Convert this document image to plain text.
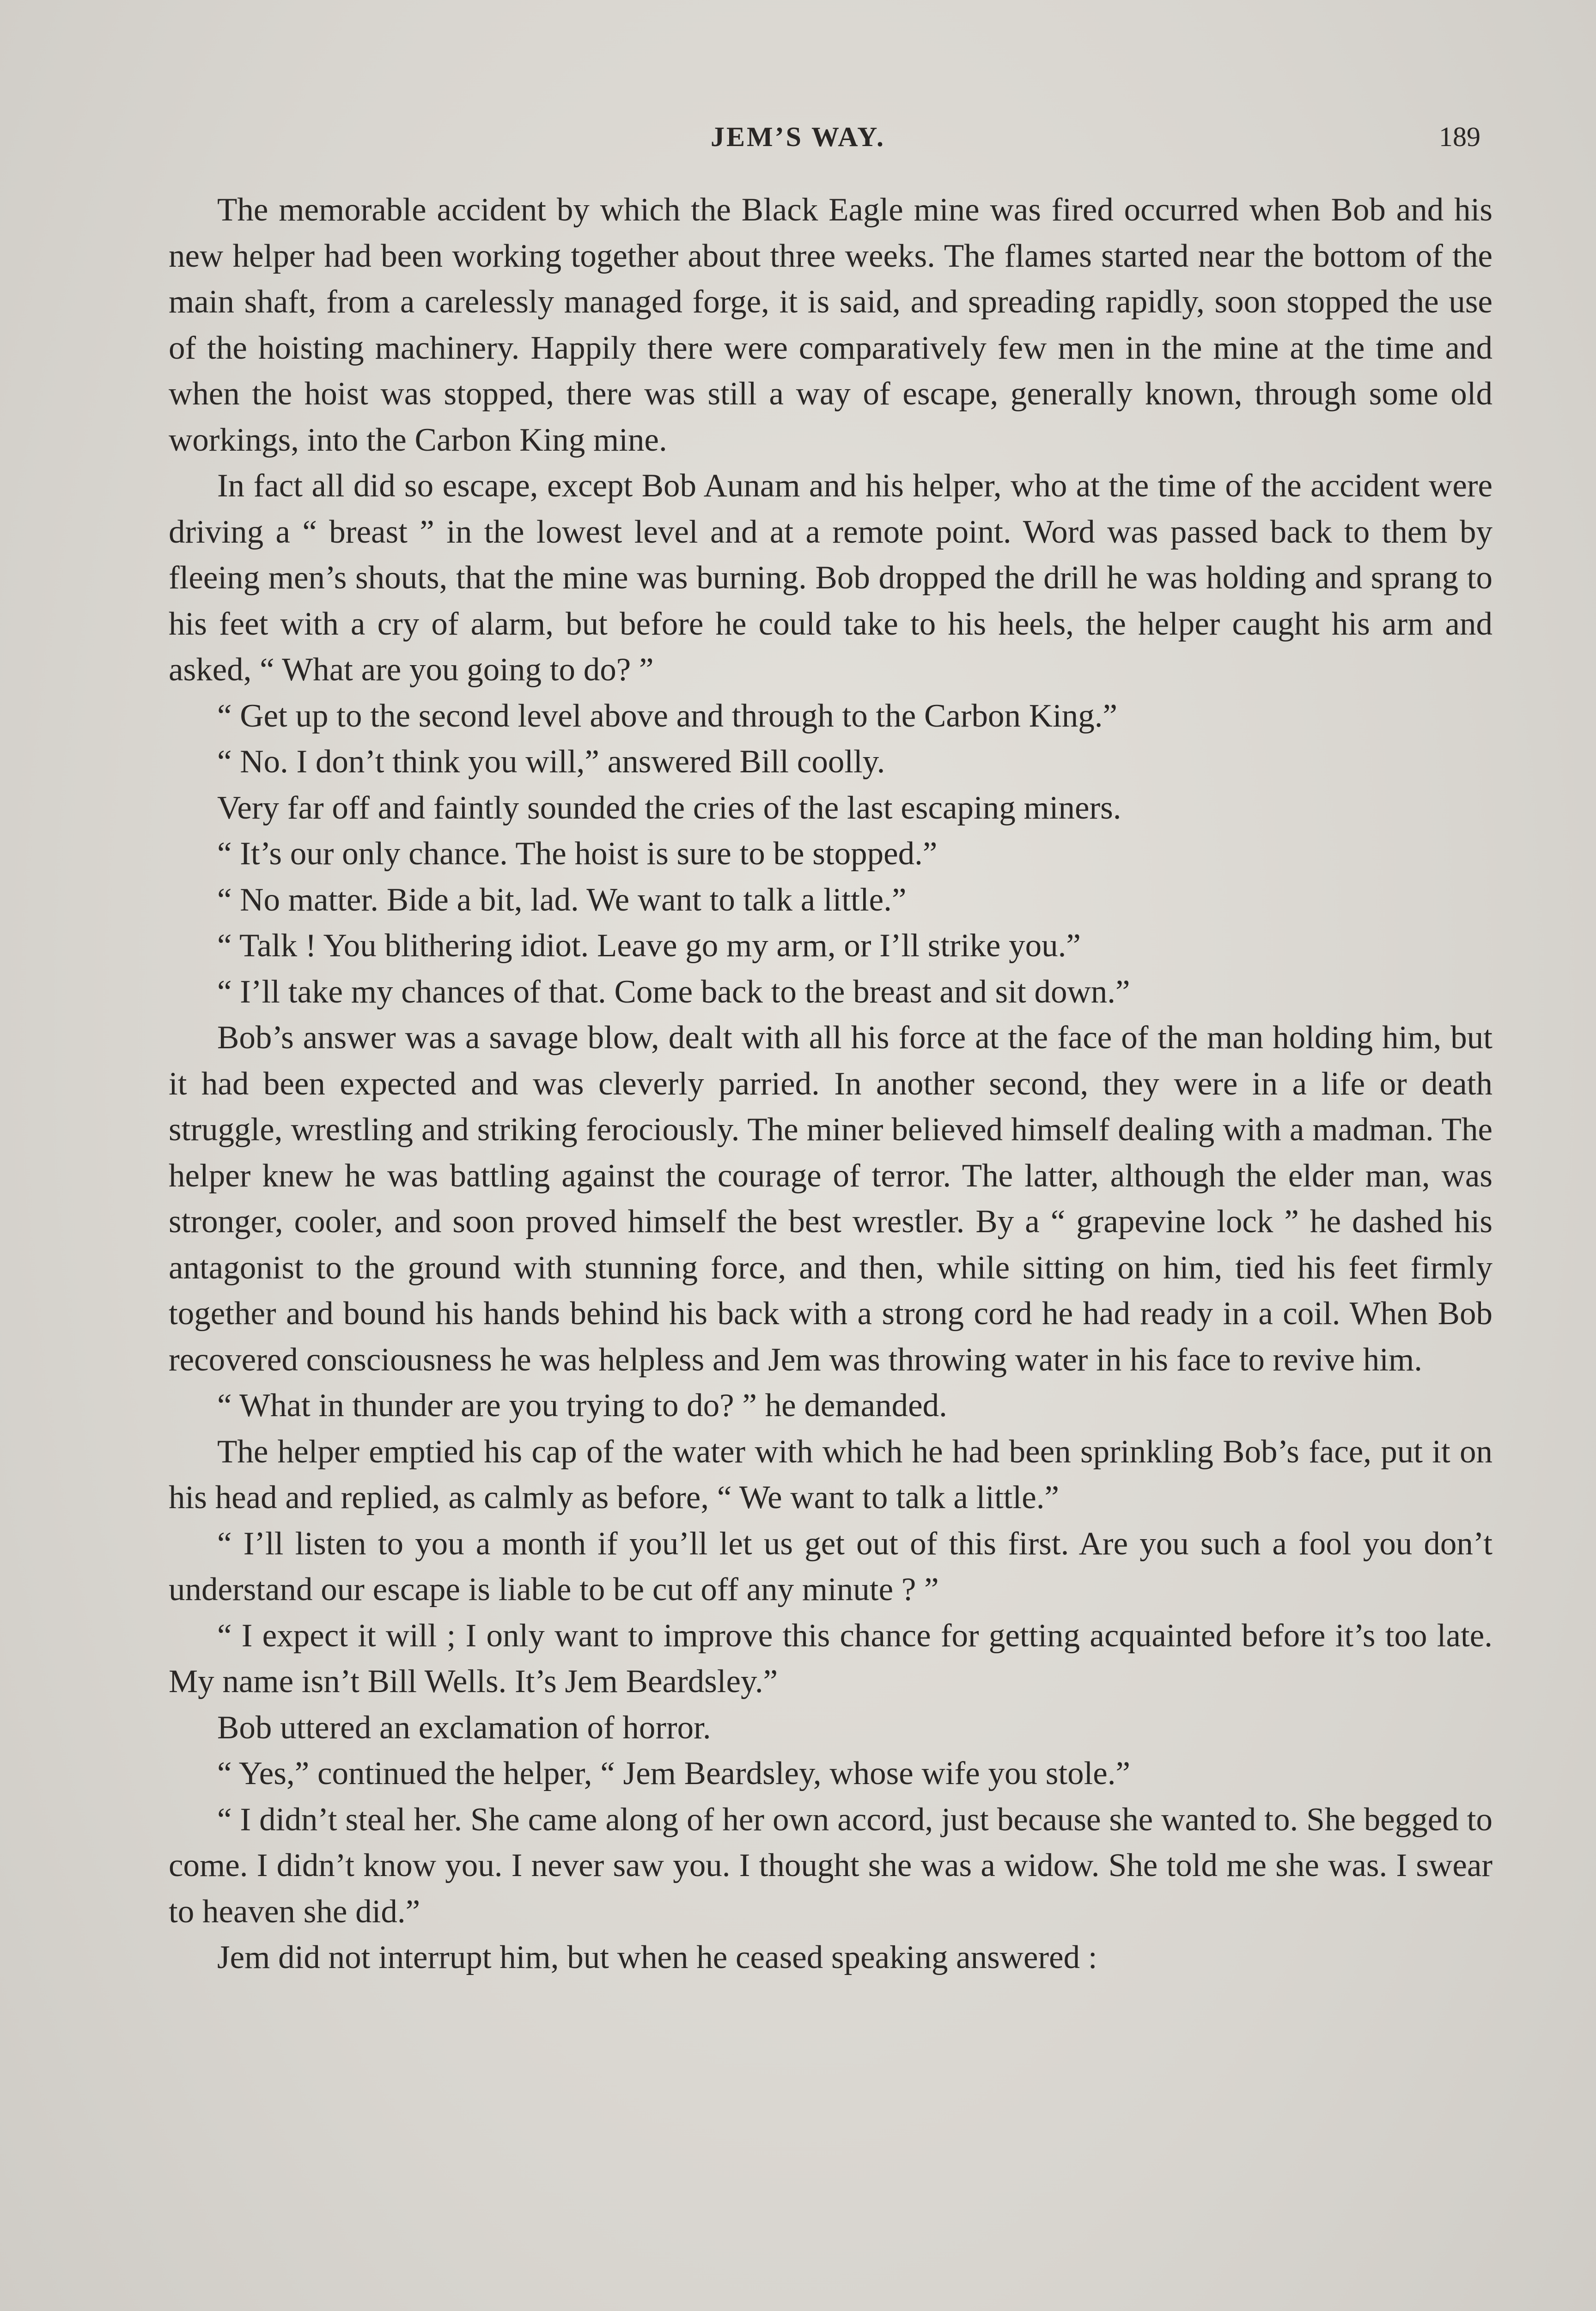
JEM’S WAY.	189

The memorable accident by which the Black Eagle mine was fired occurred when Bob and his new helper had been working together about three weeks. The flames started near the bottom of the main shaft, from a carelessly managed forge, it is said, and spreading rapidly, soon stopped the use of the hoisting machinery. Happily there were comparatively few men in the mine at the time and when the hoist was stopped, there was still a way of escape, generally known, through some old workings, into the Carbon King mine.

In fact all did so escape, except Bob Aunam and his helper, who at the time of the accident were driving a “ breast ” in the lowest level and at a remote point. Word was passed back to them by fleeing men’s shouts, that the mine was burning. Bob dropped the drill he was holding and sprang to his feet with a cry of alarm, but before he could take to his heels, the helper caught his arm and asked, “ What are you going to do? ”

“ Get up to the second level above and through to the Carbon King.”

“ No. I don’t think you will,” answered Bill coolly.

Very far off and faintly sounded the cries of the last escaping miners.

“ It’s our only chance. The hoist is sure to be stopped.”

“ No matter. Bide a bit, lad. We want to talk a little.”

“ Talk ! You blithering idiot. Leave go my arm, or I’ll strike you.”

“ I’ll take my chances of that. Come back to the breast and sit down.”

Bob’s answer was a savage blow, dealt with all his force at the face of the man holding him, but it had been expected and was cleverly parried. In another second, they were in a life or death struggle, wrestling and striking ferociously. The miner believed himself dealing with a madman. The helper knew he was battling against the courage of terror. The latter, although the elder man, was stronger, cooler, and soon proved himself the best wrestler. By a “ grapevine lock ” he dashed his antagonist to the ground with stunning force, and then, while sitting on him, tied his feet firmly together and bound his hands behind his back with a strong cord he had ready in a coil. When Bob recovered consciousness he was helpless and Jem was throwing water in his face to revive him.

“ What in thunder are you trying to do? ” he demanded.

The helper emptied his cap of the water with which he had been sprinkling Bob’s face, put it on his head and replied, as calmly as before, “ We want to talk a little.”

“ I’ll listen to you a month if you’ll let us get out of this first. Are you such a fool you don’t understand our escape is liable to be cut off any minute ? ”

“ I expect it will ; I only want to improve this chance for getting acquainted before it’s too late. My name isn’t Bill Wells. It’s Jem Beardsley.”

Bob uttered an exclamation of horror.

“ Yes,” continued the helper, “ Jem Beardsley, whose wife you stole.”

“ I didn’t steal her. She came along of her own accord, just because she wanted to. She begged to come. I didn’t know you. I never saw you. I thought she was a widow. She told me she was. I swear to heaven she did.”

Jem did not interrupt him, but when he ceased speaking answered :
